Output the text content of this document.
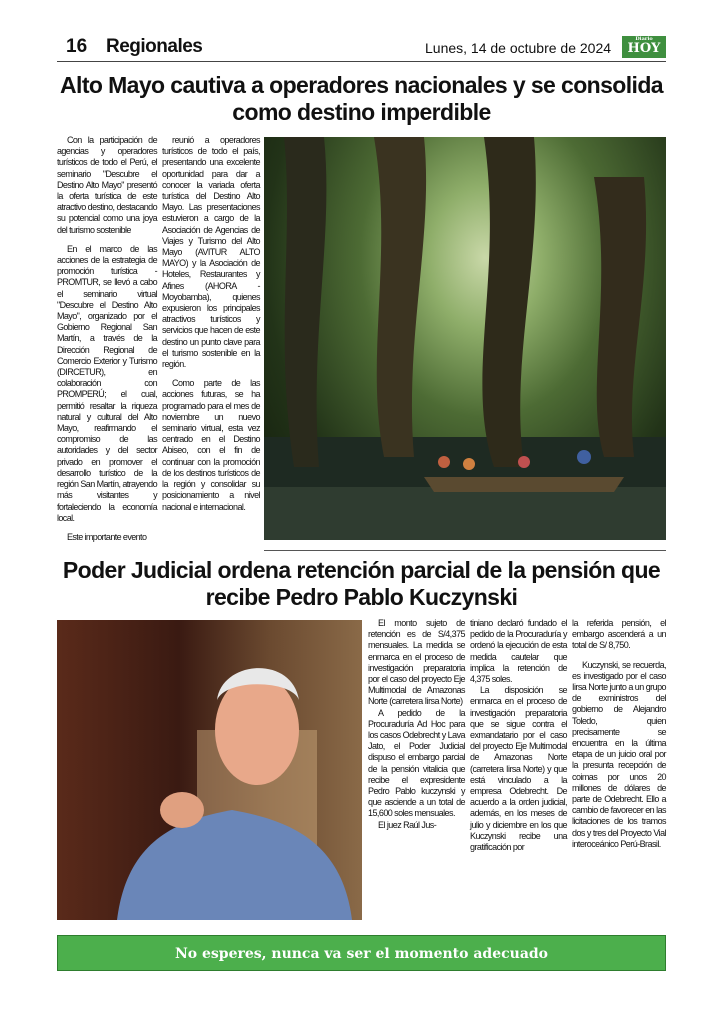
16 Regionales	Lunes, 14 de octubre de 2024
Diario
HOY
Alto Mayo cautiva a operadores nacionales y se consolida como destino imperdible

Con la participación de agencias y operadores turísticos de todo el Perú, el seminario "Descubre el Destino Alto Mayo" presentó la oferta turística de este atractivo destino, destacando su potencial como una joya del turismo sostenible

En el marco de las acciones de la estrategia de promoción turística - PROMTUR, se llevó a cabo el seminario virtual "Descubre el Destino Alto Mayo", organizado por el Gobierno Regional San Martín, a través de la Dirección Regional de Comercio Exterior y Turismo (DIRCETUR), en colaboración con PROMPERÚ; el cual, permitió resaltar la riqueza natural y cultural del Alto Mayo, reafirmando el compromiso de las autoridades y del sector privado en promover el desarrollo turístico de la región San Martín, atrayendo más visitantes y fortaleciendo la economía local.

Este importante evento

reunió a operadores turísticos de todo el país, presentando una excelente oportunidad para dar a conocer la variada oferta turística del Destino Alto Mayo. Las presentaciones estuvieron a cargo de la Asociación de Agencias de Viajes y Turismo del Alto Mayo (AVITUR ALTO MAYO) y la Asociación de Hoteles, Restaurantes y Afines (AHORA - Moyobamba), quienes expusieron los principales atractivos turísticos y servicios que hacen de este destino un punto clave para el turismo sostenible en la región.

Como parte de las acciones futuras, se ha programado para el mes de noviembre un nuevo seminario virtual, esta vez centrado en el Destino Abiseo, con el fin de continuar con la promoción de los destinos turísticos de la región y consolidar su posicionamiento a nivel nacional e internacional.

Poder Judicial ordena retención parcial de la pensión que recibe Pedro Pablo Kuczynski

El monto sujeto de retención es de S/4,375 mensuales. La medida se enmarca en el proceso de investigación preparatoria por el caso del proyecto Eje Multimodal de Amazonas Norte (carretera Iirsa Norte)

A pedido de la Procuraduría Ad Hoc para los casos Odebrecht y Lava Jato, el Poder Judicial dispuso el embargo parcial de la pensión vitalicia que recibe el expresidente Pedro Pablo kuczynski y que asciende a un total de 15,600 soles mensuales.

El juez Raúl Jus-

tiniano declaró fundado el pedido de la Procuraduría y ordenó la ejecución de esta medida cautelar que implica la retención de 4,375 soles.

La disposición se enmarca en el proceso de investigación preparatoria que se sigue contra el exmandatario por el caso del proyecto Eje Multimodal de Amazonas Norte (carretera Iirsa Norte) y que está vinculado a la empresa Odebrecht. De acuerdo a la orden judicial, además, en los meses de julio y diciembre en los que Kuczynski recibe una gratificación por

la referida pensión, el embargo ascenderá a un total de S/ 8,750.

Kuczynski, se recuerda, es investigado por el caso Iirsa Norte junto a un grupo de exministros del gobierno de Alejandro Toledo, quien precisamente se encuentra en la última etapa de un juicio oral por la presunta recepción de coimas por unos 20 millones de dólares de parte de Odebrecht. Ello a cambio de favorecer en las licitaciones de los tramos dos y tres del Proyecto Vial interoceánico Perú-Brasil.

No esperes, nunca va ser el momento adecuado
